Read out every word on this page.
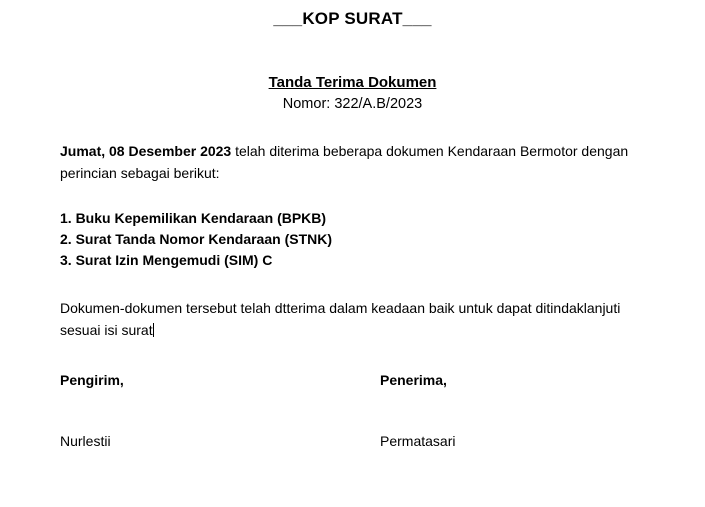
___KOP SURAT___
Tanda Terima Dokumen
Nomor: 322/A.B/2023
Jumat, 08 Desember 2023 telah diterima beberapa dokumen Kendaraan Bermotor dengan perincian sebagai berikut:
1. Buku Kepemilikan Kendaraan (BPKB)
2. Surat Tanda Nomor Kendaraan (STNK)
3. Surat Izin Mengemudi (SIM) C
Dokumen-dokumen tersebut telah dtterima dalam keadaan baik untuk dapat ditindaklanjuti sesuai isi surat
Pengirim,	Penerima,
Nurlestii	Permatasari
